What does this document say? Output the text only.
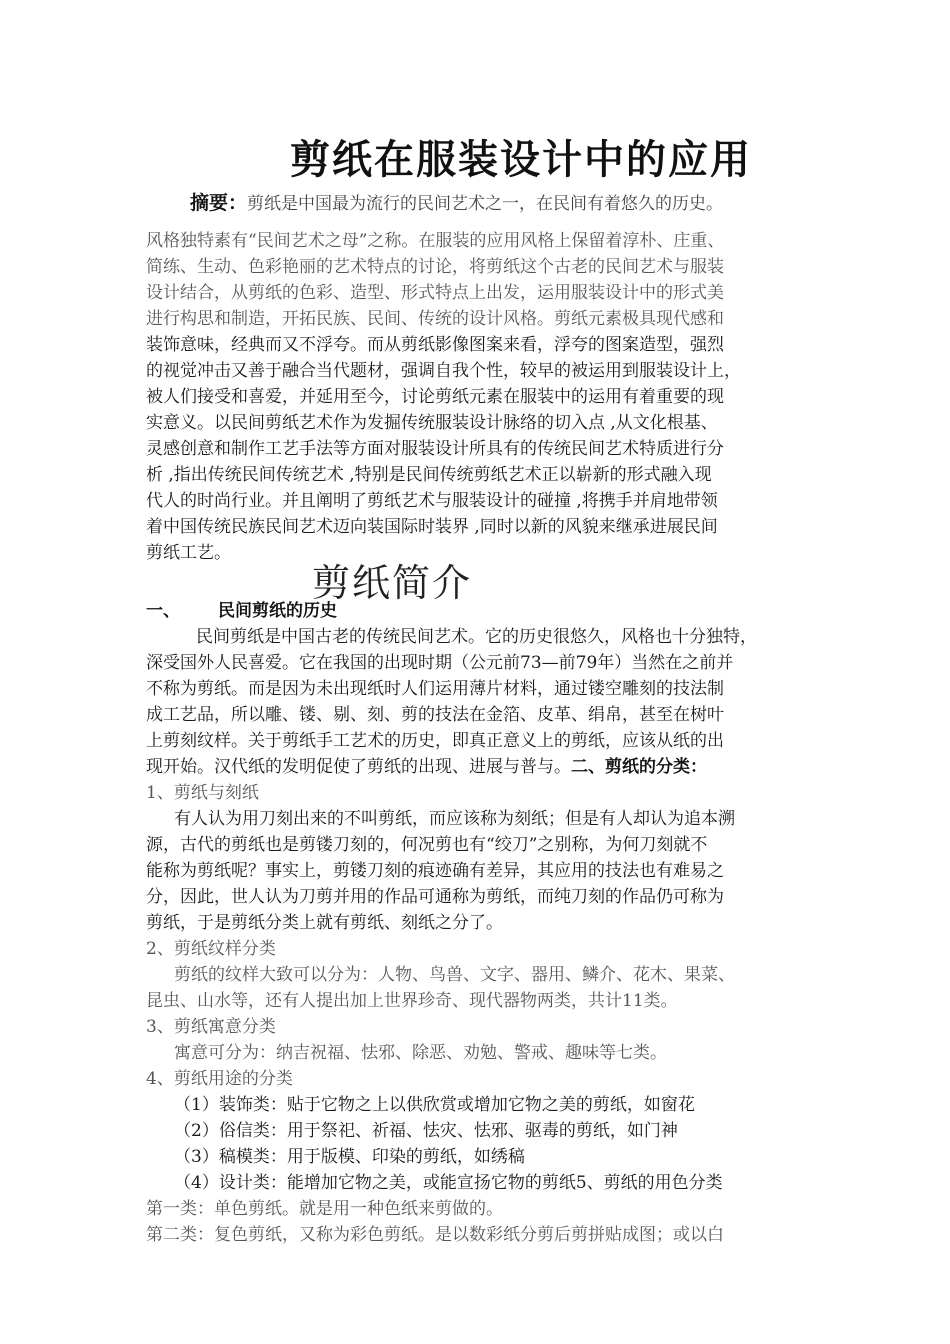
剪纸在服装设计中的应用
摘要：剪纸是中国最为流行的民间艺术之一，在民间有着悠久的历史。
风格独特素有“民间艺术之母”之称。在服装的应用风格上保留着淳朴、庄重、
简练、生动、色彩艳丽的艺术特点的讨论，将剪纸这个古老的民间艺术与服装
设计结合，从剪纸的色彩、造型、形式特点上出发，运用服装设计中的形式美
进行构思和制造，开拓民族、民间、传统的设计风格。剪纸元素极具现代感和
装饰意味，经典而又不浮夸。而从剪纸影像图案来看，浮夸的图案造型，强烈
的视觉冲击又善于融合当代题材，强调自我个性，较早的被运用到服装设计上，
被人们接受和喜爱，并延用至今，讨论剪纸元素在服装中的运用有着重要的现
实意义。以民间剪纸艺术作为发掘传统服装设计脉络的切入点 ,从文化根基、
灵感创意和制作工艺手法等方面对服装设计所具有的传统民间艺术特质进行分
析 ,指出传统民间传统艺术 ,特别是民间传统剪纸艺术正以崭新的形式融入现
代人的时尚行业。并且阐明了剪纸艺术与服装设计的碰撞 ,将携手并肩地带领
着中国传统民族民间艺术迈向装国际时装界 ,同时以新的风貌来继承进展民间
剪纸工艺。
剪纸简介
一、 民间剪纸的历史
民间剪纸是中国古老的传统民间艺术。它的历史很悠久，风格也十分独特，
深受国外人民喜爱。它在我国的出现时期（公元前73—前79年）当然在之前并
不称为剪纸。而是因为未出现纸时人们运用薄片材料，通过镂空雕刻的技法制
成工艺品，所以雕、镂、剔、刻、剪的技法在金箔、皮革、绢帛，甚至在树叶
上剪刻纹样。关于剪纸手工艺术的历史，即真正意义上的剪纸，应该从纸的出
现开始。汉代纸的发明促使了剪纸的出现、进展与普与。二、剪纸的分类：
1、剪纸与刻纸
有人认为用刀刻出来的不叫剪纸，而应该称为刻纸；但是有人却认为追本溯
源，古代的剪纸也是剪镂刀刻的，何况剪也有“绞刀”之别称，为何刀刻就不
能称为剪纸呢？事实上，剪镂刀刻的痕迹确有差异，其应用的技法也有难易之
分，因此，世人认为刀剪并用的作品可通称为剪纸，而纯刀刻的作品仍可称为
剪纸，于是剪纸分类上就有剪纸、刻纸之分了。
2、剪纸纹样分类
剪纸的纹样大致可以分为：人物、鸟兽、文字、器用、鳞介、花木、果菜、
昆虫、山水等，还有人提出加上世界珍奇、现代器物两类，共计11类。
3、剪纸寓意分类
寓意可分为：纳吉祝福、怯邪、除恶、劝勉、警戒、趣味等七类。
4、剪纸用途的分类
（1）装饰类：贴于它物之上以供欣赏或增加它物之美的剪纸，如窗花
（2）俗信类：用于祭祀、祈福、怯灾、怯邪、驱毒的剪纸，如门神
（3）稿模类：用于版模、印染的剪纸，如绣稿
（4）设计类：能增加它物之美，或能宣扬它物的剪纸5、剪纸的用色分类
第一类：单色剪纸。就是用一种色纸来剪做的。
第二类：复色剪纸，又称为彩色剪纸。是以数彩纸分剪后剪拼贴成图；或以白
